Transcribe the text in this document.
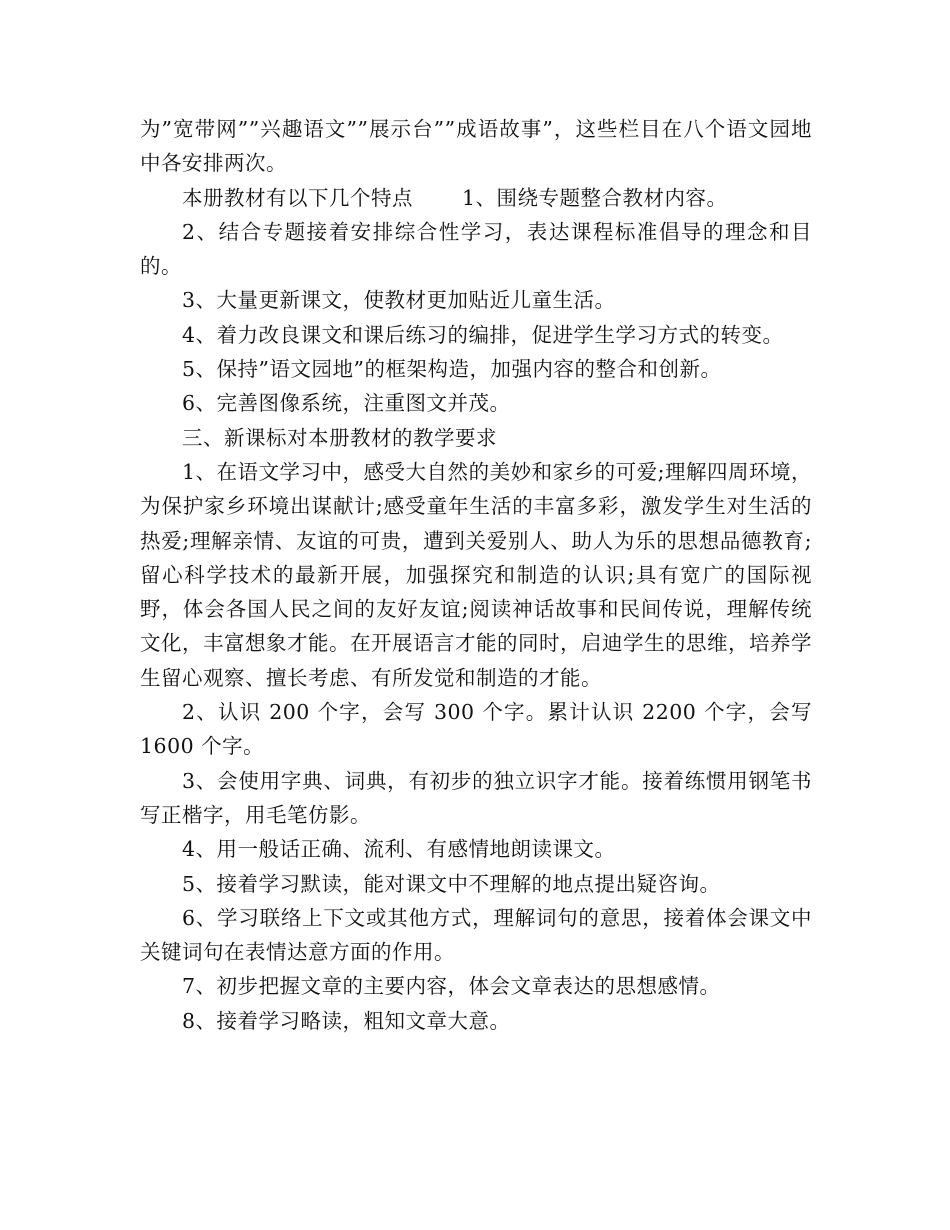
为”宽带网””兴趣语文””展示台””成语故事”，这些栏目在八个语文园地中各安排两次。

本册教材有以下几个特点　　 1、围绕专题整合教材内容。

2、结合专题接着安排综合性学习，表达课程标准倡导的理念和目的。

3、大量更新课文，使教材更加贴近儿童生活。

4、着力改良课文和课后练习的编排，促进学生学习方式的转变。

5、保持”语文园地”的框架构造，加强内容的整合和创新。

6、完善图像系统，注重图文并茂。

三、新课标对本册教材的教学要求

1、在语文学习中，感受大自然的美妙和家乡的可爱;理解四周环境，为保护家乡环境出谋献计;感受童年生活的丰富多彩，激发学生对生活的热爱;理解亲情、友谊的可贵，遭到关爱别人、助人为乐的思想品德教育;留心科学技术的最新开展，加强探究和制造的认识;具有宽广的国际视野，体会各国人民之间的友好友谊;阅读神话故事和民间传说，理解传统文化，丰富想象才能。在开展语言才能的同时，启迪学生的思维，培养学生留心观察、擅长考虑、有所发觉和制造的才能。

2、认识 200 个字，会写 300 个字。累计认识 2200 个字，会写1600 个字。

3、会使用字典、词典，有初步的独立识字才能。接着练惯用钢笔书写正楷字，用毛笔仿影。

4、用一般话正确、流利、有感情地朗读课文。

5、接着学习默读，能对课文中不理解的地点提出疑咨询。

6、学习联络上下文或其他方式，理解词句的意思，接着体会课文中关键词句在表情达意方面的作用。

7、初步把握文章的主要内容，体会文章表达的思想感情。

8、接着学习略读，粗知文章大意。
